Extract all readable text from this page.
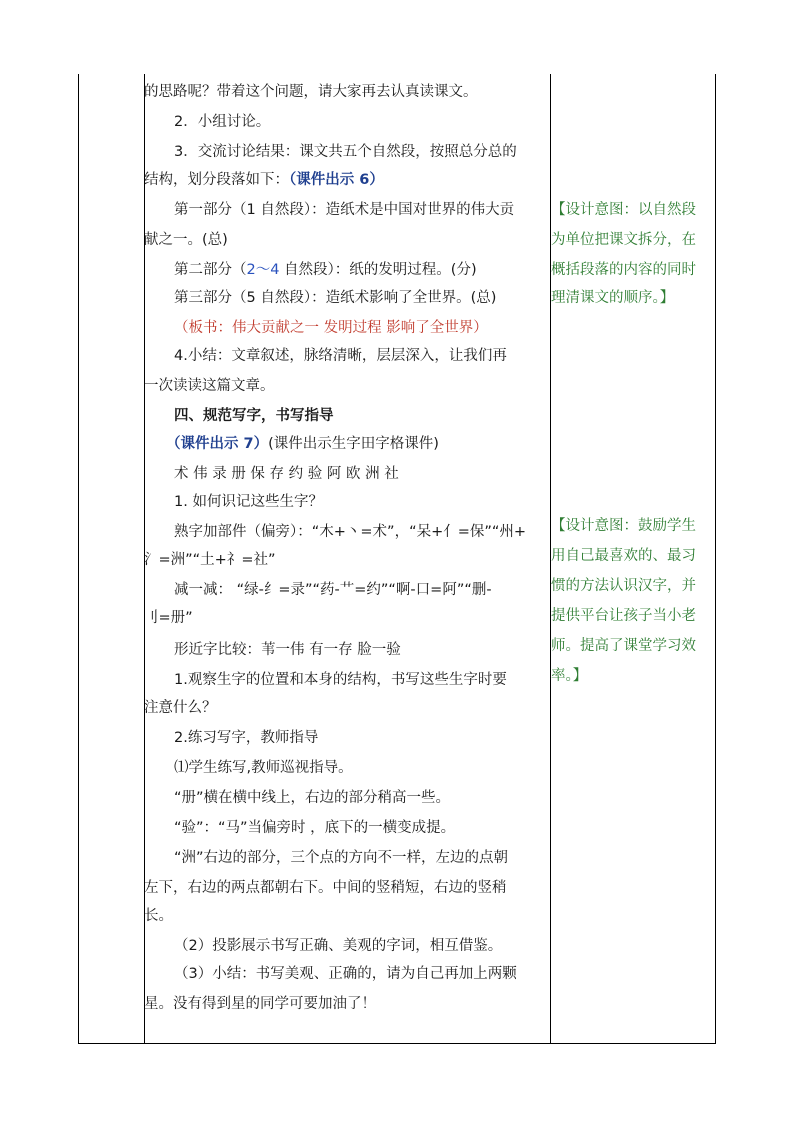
的思路呢？带着这个问题，请大家再去认真读课文。
2．小组讨论。
3．交流讨论结果：课文共五个自然段，按照总分总的
结构，划分段落如下：（课件出示 6）
第一部分（1 自然段）：造纸术是中国对世界的伟大贡
献之一。(总)
第二部分（2～4 自然段）：纸的发明过程。(分)
第三部分（5 自然段）：造纸术影响了全世界。(总)
（板书：伟大贡献之一 发明过程 影响了全世界）
4.小结：文章叙述，脉络清晰，层层深入，让我们再
一次读读这篇文章。
四、规范写字，书写指导
（课件出示 7）(课件出示生字田字格课件)
术 伟 录 册 保 存 约 验 阿 欧 洲 社
1. 如何识记这些生字？
熟字加部件（偏旁）：“木+丶=术”，“呆+亻=保”“州+
氵=洲”“土+礻=社”
减一减： “绿-纟=录”“药-艹=约”“啊-口=阿”“删-
刂=册”
形近字比较：苇一伟 有一存 脸一验
1.观察生字的位置和本身的结构，书写这些生字时要
注意什么？
2.练习写字，教师指导
⑴学生练写,教师巡视指导。
“册”横在横中线上，右边的部分稍高一些。
“验”：“马”当偏旁时 ，底下的一横变成提。
“洲”右边的部分，三个点的方向不一样，左边的点朝
左下，右边的两点都朝右下。中间的竖稍短，右边的竖稍
长。
（2）投影展示书写正确、美观的字词，相互借鉴。
（3）小结：书写美观、正确的，请为自己再加上两颗
星。没有得到星的同学可要加油了！
【设计意图：以自然段
为单位把课文拆分，在
概括段落的内容的同时
理清课文的顺序。】
【设计意图：鼓励学生
用自己最喜欢的、最习
惯的方法认识汉字，并
提供平台让孩子当小老
师。提高了课堂学习效
率。】
